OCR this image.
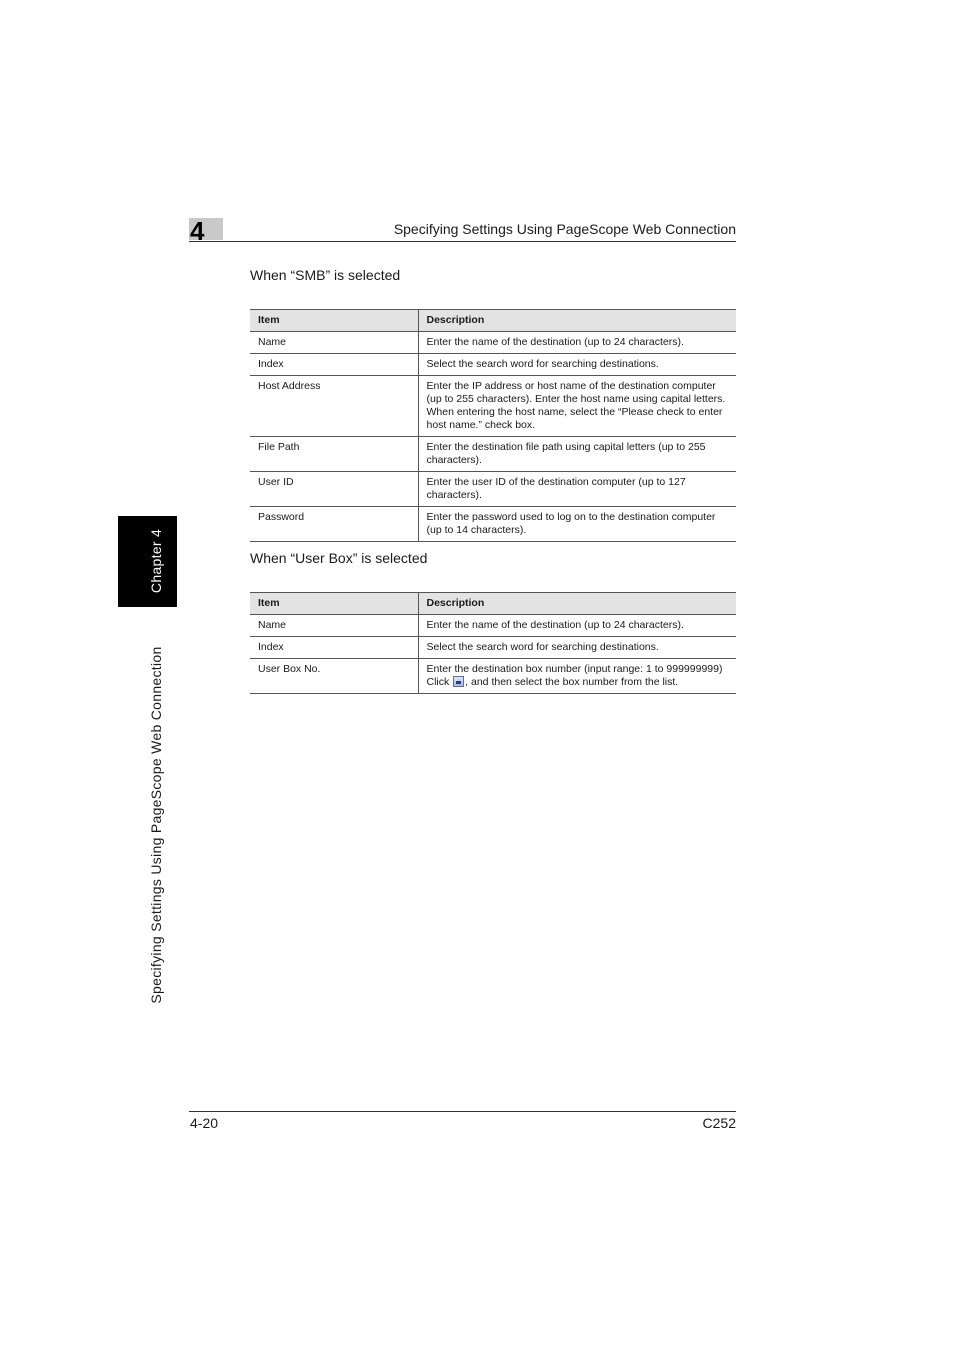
4	Specifying Settings Using PageScope Web Connection
Chapter 4
Specifying Settings Using PageScope Web Connection
When “SMB” is selected
Item	Description
Name	Enter the name of the destination (up to 24 characters).
Index	Select the search word for searching destinations.
Host Address	Enter the IP address or host name of the destination computer (up to 255 characters). Enter the host name using capital letters. When entering the host name, select the “Please check to enter host name.” check box.
File Path	Enter the destination file path using capital letters (up to 255 characters).
User ID	Enter the user ID of the destination computer (up to 127 characters).
Password	Enter the password used to log on to the destination computer (up to 14 characters).
When “User Box” is selected
Item	Description
Name	Enter the name of the destination (up to 24 characters).
Index	Select the search word for searching destinations.
User Box No.	Enter the destination box number (input range: 1 to 999999999)
Click , and then select the box number from the list.
4-20	C252
